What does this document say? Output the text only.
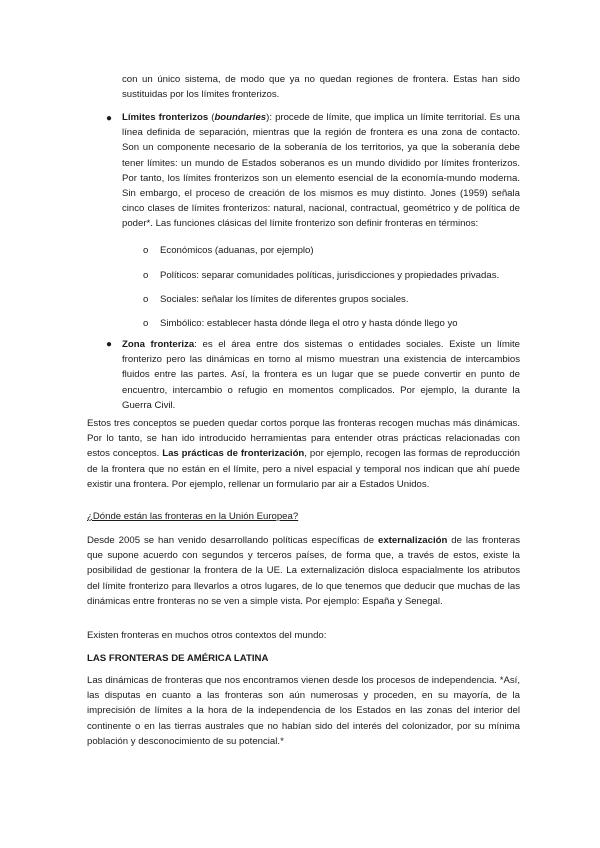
con un único sistema, de modo que ya no quedan regiones de frontera. Estas han sido sustituidas por los límites fronterizos.
● Límites fronterizos (boundaries): procede de límite, que implica un límite territorial. Es una línea definida de separación, mientras que la región de frontera es una zona de contacto. Son un componente necesario de la soberanía de los territorios, ya que la soberanía debe tener límites: un mundo de Estados soberanos es un mundo dividido por límites fronterizos. Por tanto, los límites fronterizos son un elemento esencial de la economía-mundo moderna. Sin embargo, el proceso de creación de los mismos es muy distinto. Jones (1959) señala cinco clases de límites fronterizos: natural, nacional, contractual, geométrico y de política de poder*. Las funciones clásicas del límite fronterizo son definir fronteras en términos:
o Económicos (aduanas, por ejemplo)
o Políticos: separar comunidades políticas, jurisdicciones y propiedades privadas.
o Sociales: señalar los límites de diferentes grupos sociales.
o Simbólico: establecer hasta dónde llega el otro y hasta dónde llego yo
● Zona fronteriza: es el área entre dos sistemas o entidades sociales. Existe un límite fronterizo pero las dinámicas en torno al mismo muestran una existencia de intercambios fluidos entre las partes. Así, la frontera es un lugar que se puede convertir en punto de encuentro, intercambio o refugio en momentos complicados. Por ejemplo, la durante la Guerra Civil.
Estos tres conceptos se pueden quedar cortos porque las fronteras recogen muchas más dinámicas. Por lo tanto, se han ido introducido herramientas para entender otras prácticas relacionadas con estos conceptos. Las prácticas de fronterización, por ejemplo, recogen las formas de reproducción de la frontera que no están en el límite, pero a nivel espacial y temporal nos indican que ahí puede existir una frontera. Por ejemplo, rellenar un formulario par air a Estados Unidos.
¿Dónde están las fronteras en la Unión Europea?
Desde 2005 se han venido desarrollando políticas específicas de externalización de las fronteras que supone acuerdo con segundos y terceros países, de forma que, a través de estos, existe la posibilidad de gestionar la frontera de la UE. La externalización disloca espacialmente los atributos del límite fronterizo para llevarlos a otros lugares, de lo que tenemos que deducir que muchas de las dinámicas entre fronteras no se ven a simple vista. Por ejemplo: España y Senegal.
Existen fronteras en muchos otros contextos del mundo:
LAS FRONTERAS DE AMÉRICA LATINA
Las dinámicas de fronteras que nos encontramos vienen desde los procesos de independencia. *Así, las disputas en cuanto a las fronteras son aún numerosas y proceden, en su mayoría, de la imprecisión de límites a la hora de la independencia de los Estados en las zonas del interior del continente o en las tierras australes que no habían sido del interés del colonizador, por su mínima población y desconocimiento de su potencial.*
